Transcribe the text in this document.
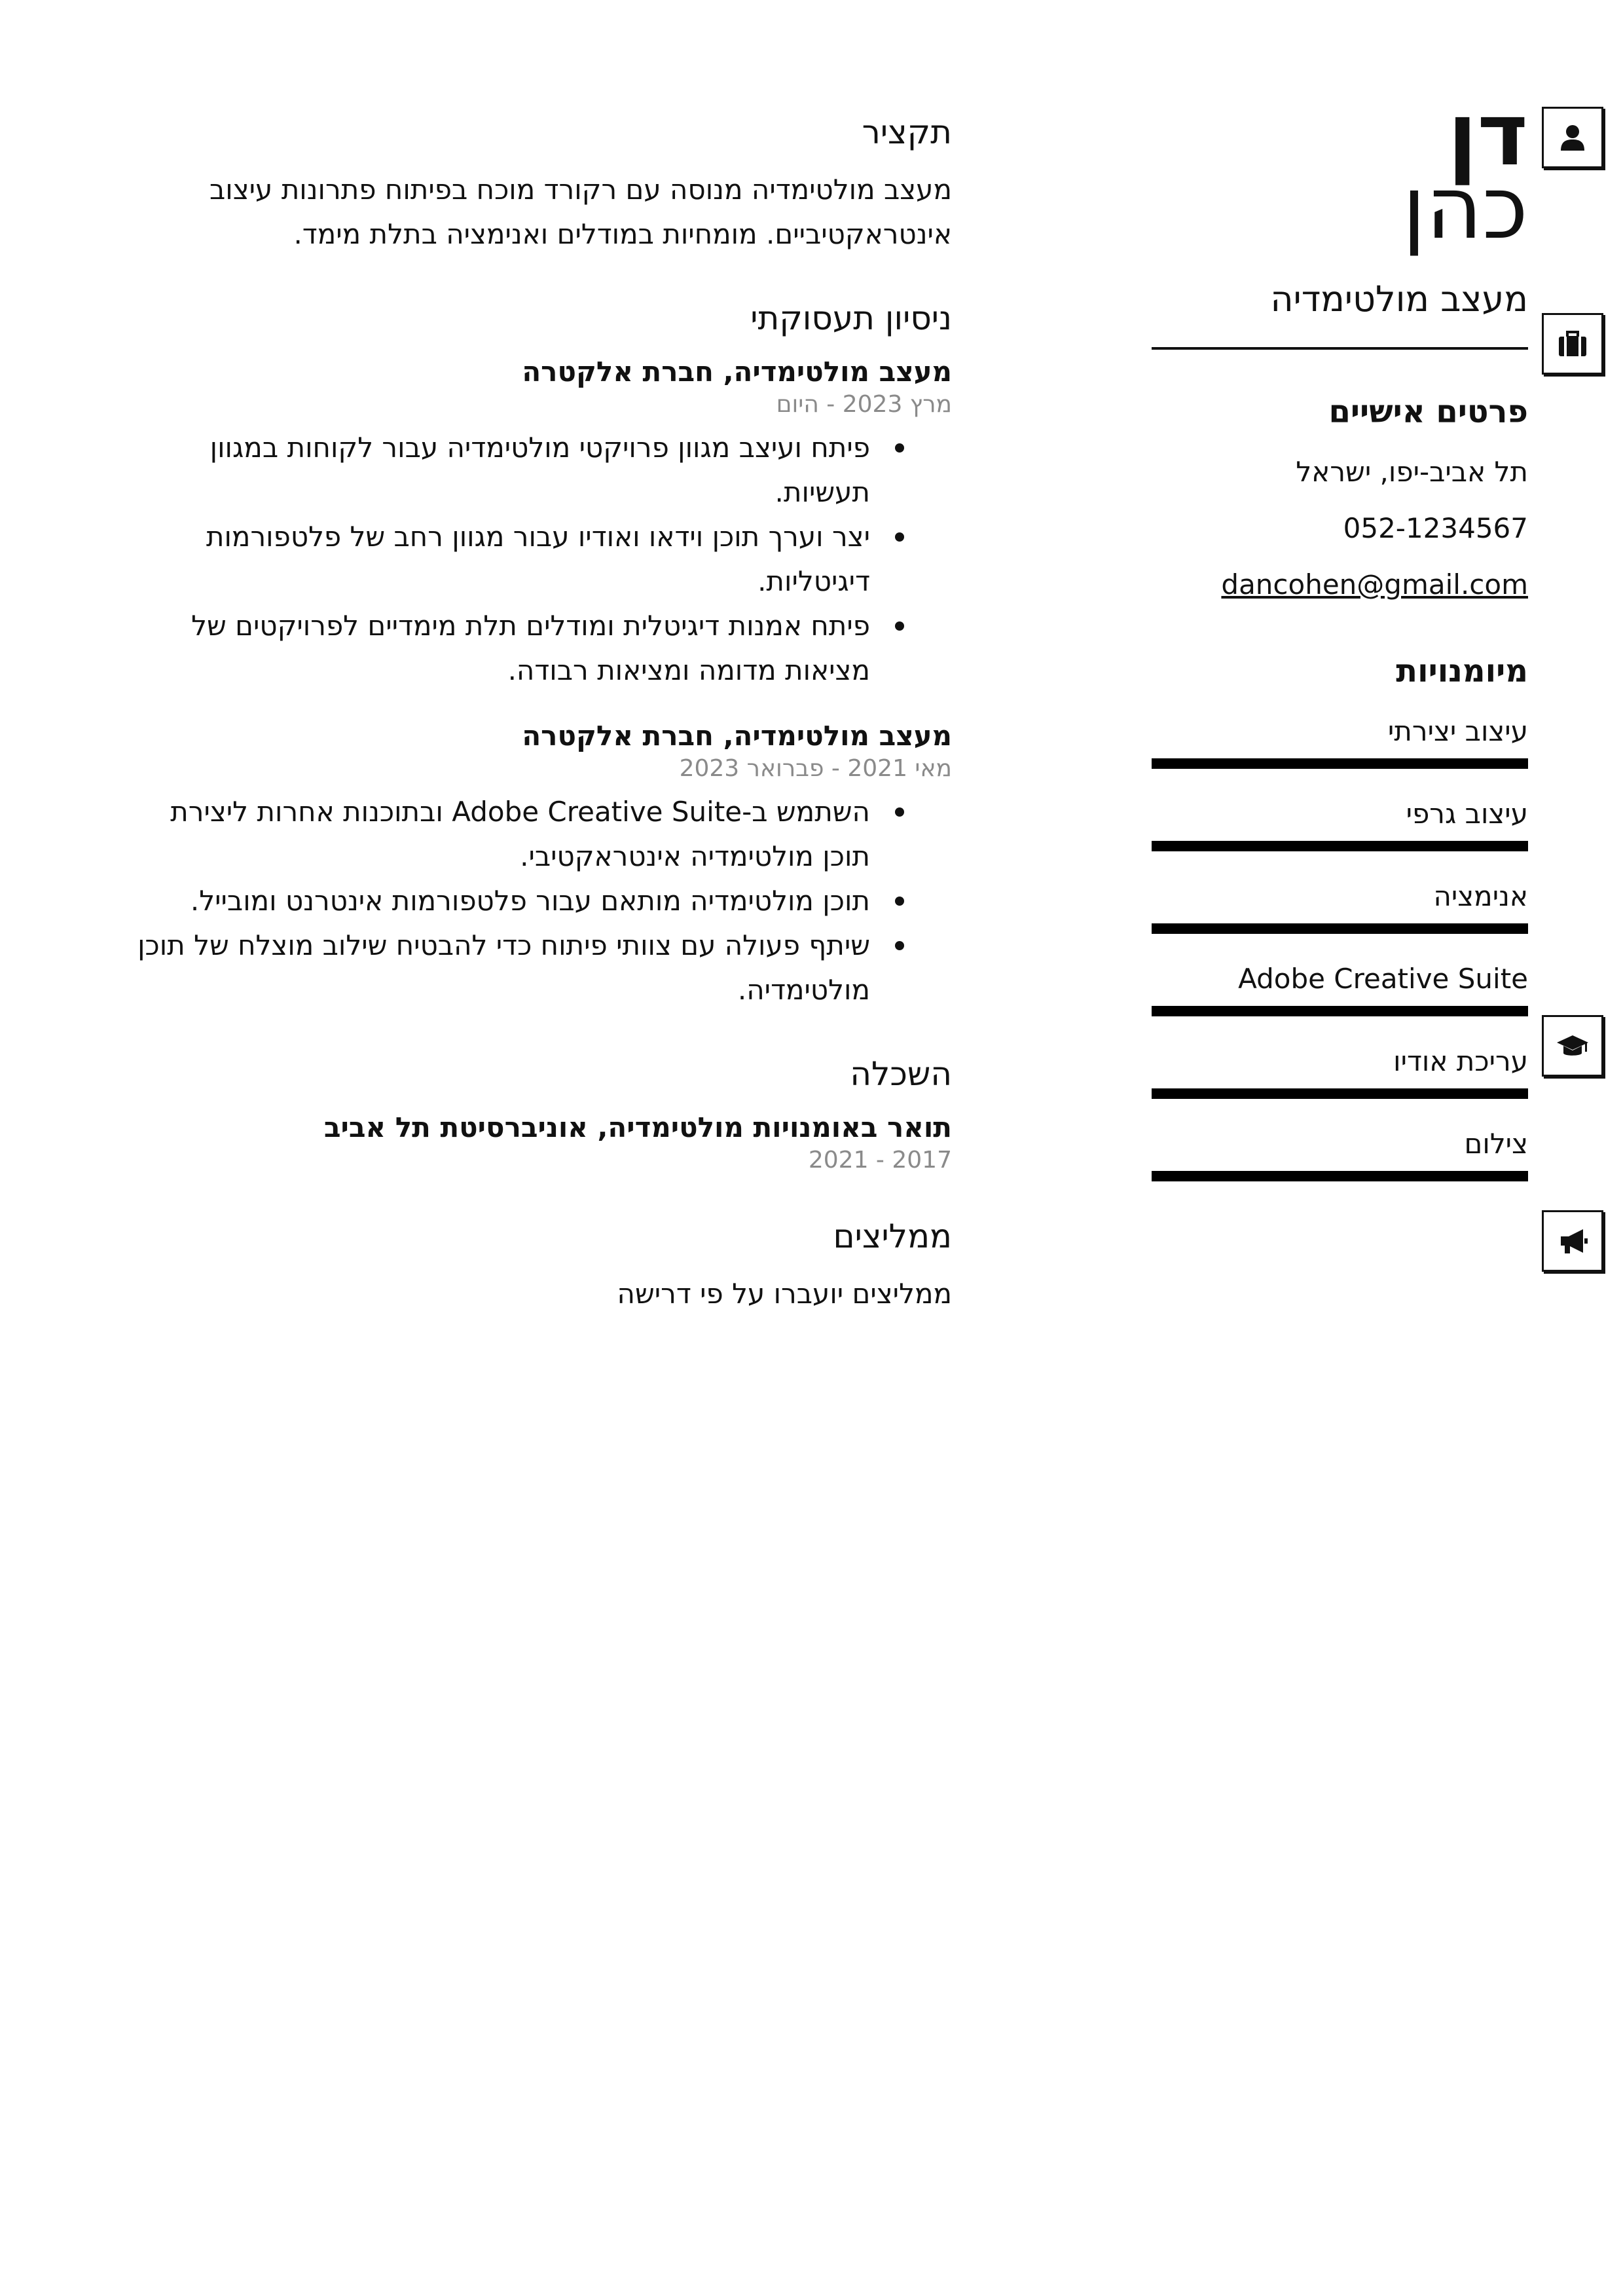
דן
כהן
מעצב מולטימדיה
פרטים אישיים
תל אביב-יפו, ישראל
052-1234567
dancohen@gmail.com
מיומנויות
עיצוב יצירתי
עיצוב גרפי
אנימציה
Adobe Creative Suite
עריכת אודיו
צילום
תקציר

מעצב מולטימדיה מנוסה עם רקורד מוכח בפיתוח פתרונות עיצוב אינטראקטיביים. מומחיות במודלים ואנימציה בתלת מימד.

ניסיון תעסוקתי
מעצב מולטימדיה, חברת אלקטרה
מרץ 2023 - היום
פיתח ועיצב מגוון פרויקטי מולטימדיה עבור לקוחות במגוון תעשיות.
יצר וערך תוכן וידאו ואודיו עבור מגוון רחב של פלטפורמות דיגיטליות.
פיתח אמנות דיגיטלית ומודלים תלת מימדיים לפרויקטים של מציאות מדומה ומציאות רבודה.
מעצב מולטימדיה, חברת אלקטרה
מאי 2021 - פברואר 2023
השתמש ב-Adobe Creative Suite ובתוכנות אחרות ליצירת תוכן מולטימדיה אינטראקטיבי.
תוכן מולטימדיה מותאם עבור פלטפורמות אינטרנט ומובייל.
שיתף פעולה עם צוותי פיתוח כדי להבטיח שילוב מוצלח של תוכן מולטימדיה.
השכלה
תואר באומנויות מולטימדיה, אוניברסיטת תל אביב
2017 - 2021
ממליצים

ממליצים יועברו על פי דרישה
